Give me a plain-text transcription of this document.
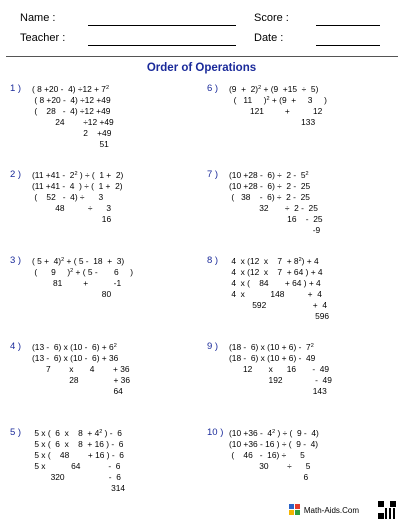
Name :	Score :
Teacher :	Date :
Order of Operations
1 ) ( $8 +20 - 4) \div 12 + 7^2$
( 8 +20 -  4) ÷12 +49
(    28   -  4) ÷12 +49
24        ÷12 +49
2    +49
51
6 ) $(9 + 2)^2 + (9 +15 \div 5)$
(   11     )$^2$ + (9  +     3     )
121         +          12
133
2 ) ($11 +41 - 2^2$ ) ÷ (  1 +  2)
(11 +41 -  4  ) ÷ (  1 +  2)
(    52   -  4) ÷      3
48          ÷      3
16
7 ) $(10 +28 - 6) \div 2 - 5^2$
(10 +28 -  6) ÷  2 -  25
(   38    -  6) ÷  2 -  25
32       ÷  2 -  25
16    -  25
-9
3 ) ( 5 +  4)$^2$ + ( 5 -  18  +  3)
(      9     )$^2$ + ( 5 -       6     )
81         +           -1
80
8 ) 4  x (12  x    $7 + 8^2) + 4$
4  x (12  x    7  + 64 ) + 4
4  x (    84       + 64 ) + 4
4  x           148          +  4
592                    +  4
596
4 ) (13 -  6) x $(10 - 6) + 6^2$
(13 -  6) x (10 -  6) + 36
7        x       4        + 36
28               + 36
64
9 ) (18 -  6) x $(10 + 6) - 7^2$
(18 -  6) x (10 + 6) -  49
12       x      16       -  49
192              -  49
143
5 ) 5 x (  6  x    $8 + 4^2$ ) -  6
5 x (  6  x    8  + 16 ) -  6
5 x (    48        + 16 ) -  6
5 x           64            -  6
320                   -  6
314
10 ) ($10 +36 - 4^2$ ) ÷ (  9 -  4)
(10 +36 - 16 ) ÷ (  9 -  4)
(    46   -  16) ÷      5
30        ÷      5
6
Math-Aids.Com
